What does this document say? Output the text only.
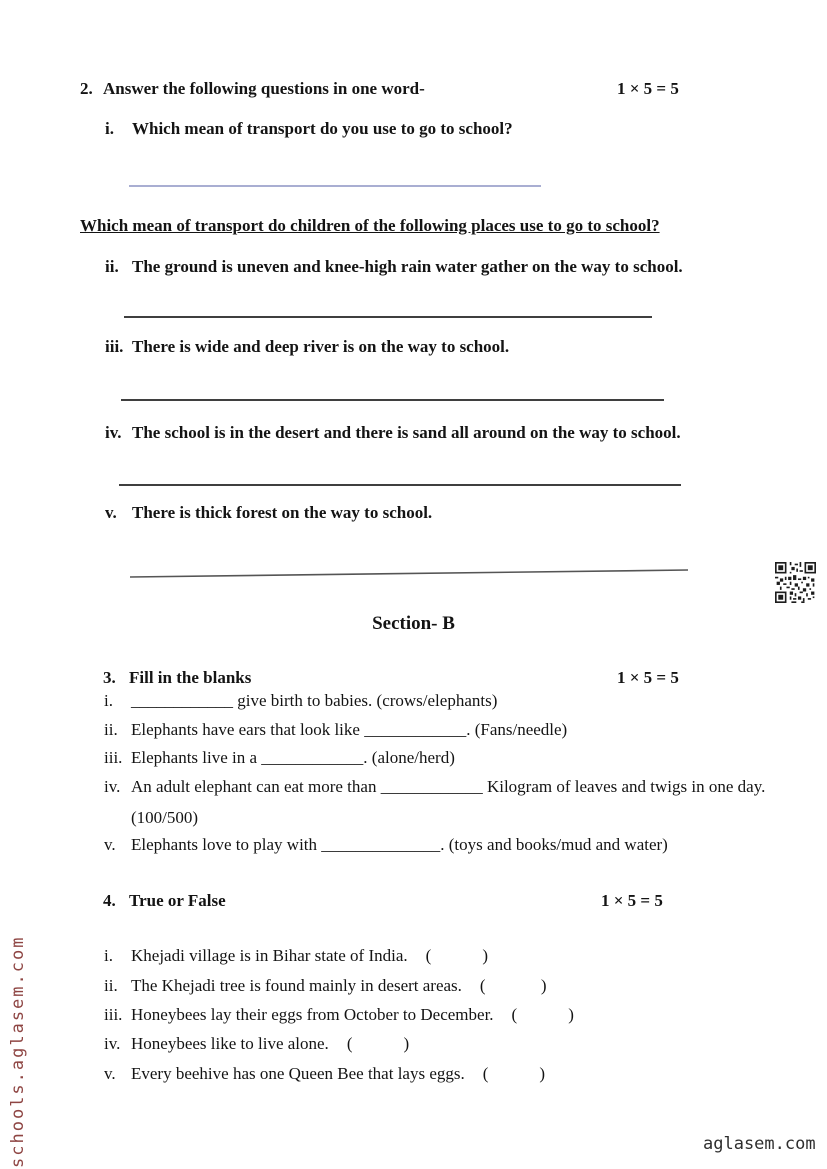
2. Answer the following questions in one word-	1 × 5 = 5
i. Which mean of transport do you use to go to school?
Which mean of transport do children of the following places use to go to school?
ii. The ground is uneven and knee-high rain water gather on the way to school.
iii. There is wide and deep river is on the way to school.
iv. The school is in the desert and there is sand all around on the way to school.
v. There is thick forest on the way to school.
Section- B
3. Fill in the blanks	1 × 5 = 5
i. ____________ give birth to babies. (crows/elephants)
ii. Elephants have ears that look like ____________. (Fans/needle)
iii. Elephants live in a ____________. (alone/herd)
iv. An adult elephant can eat more than ____________ Kilogram of leaves and twigs in one day.
(100/500)
v. Elephants love to play with ______________. (toys and books/mud and water)
4. True or False	1 × 5 = 5
i. Khejadi village is in Bihar state of India. (            )
ii. The Khejadi tree is found mainly in desert areas. (             )
iii. Honeybees lay their eggs from October to December. (            )
iv. Honeybees like to live alone. (            )
v. Every beehive has one Queen Bee that lays eggs. (            )
schools.aglasem.com	aglasem.com
